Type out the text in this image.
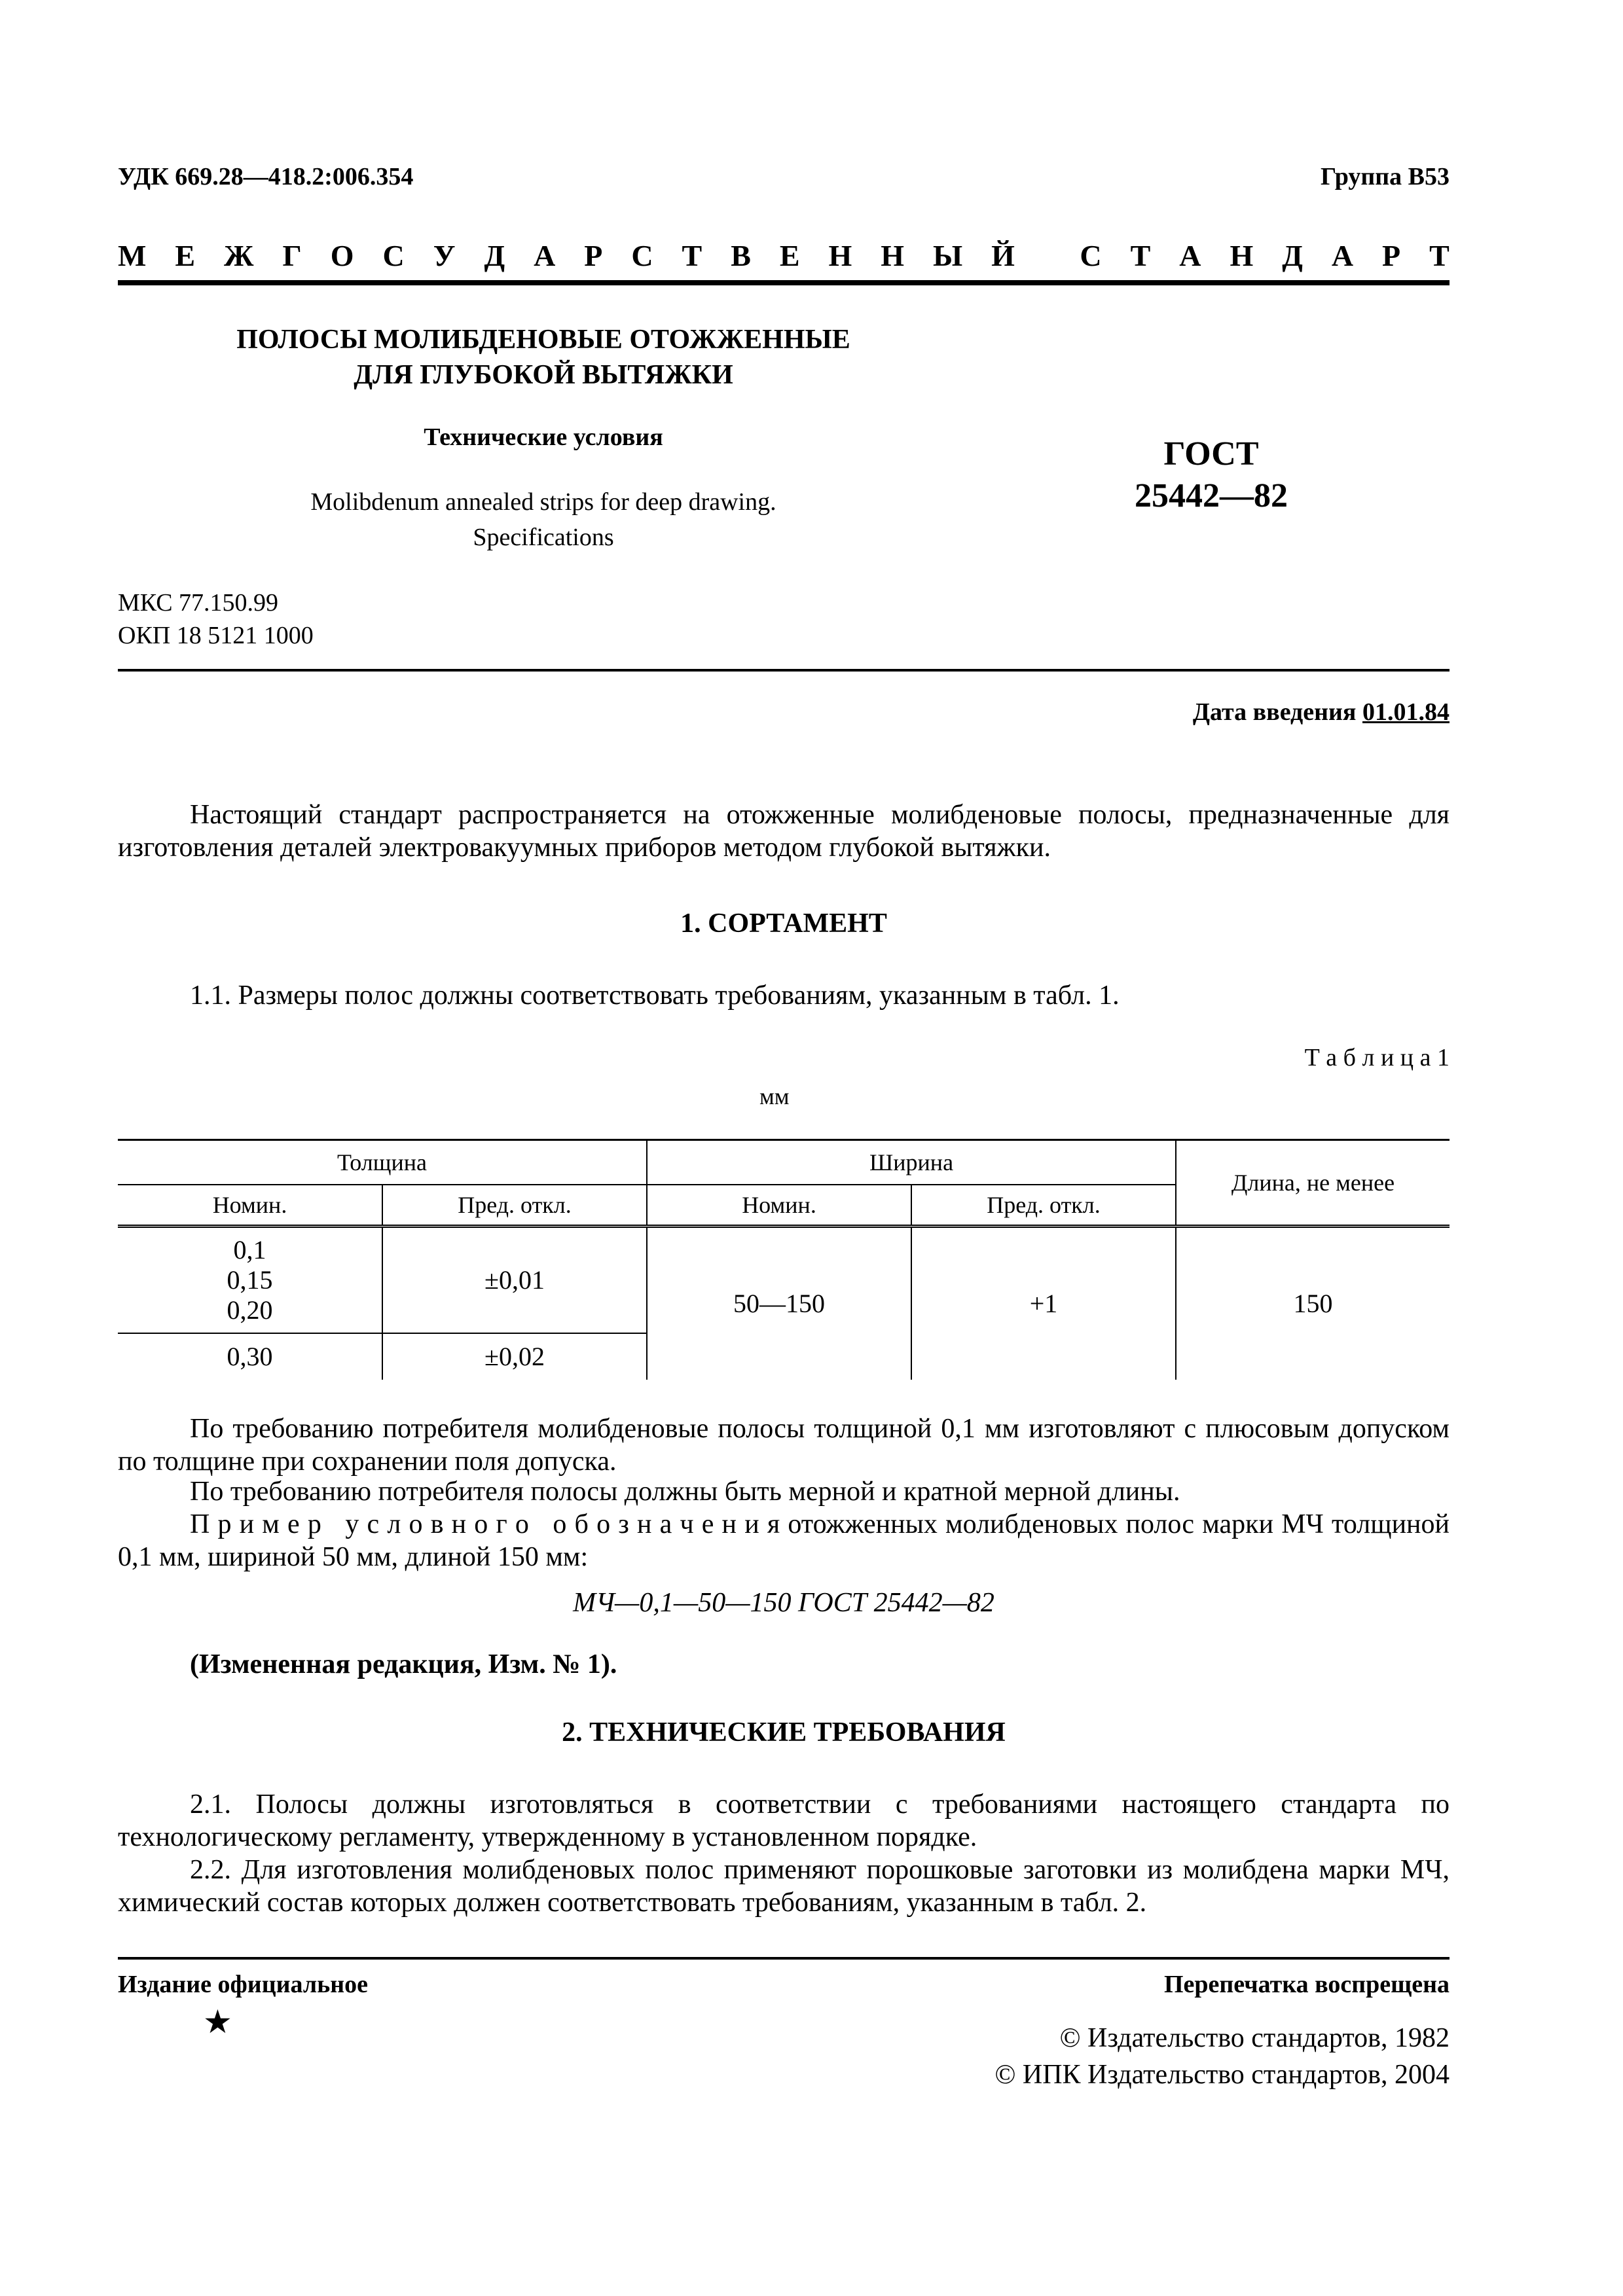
УДК 669.28—418.2:006.354	Группа В53
М Е Ж Г О С У Д А Р С Т В Е Н Н Ы Й
С Т А Н Д А Р Т
ПОЛОСЫ МОЛИБДЕНОВЫЕ ОТОЖЖЕННЫЕ
ДЛЯ ГЛУБОКОЙ ВЫТЯЖКИ
Технические условия
Molibdenum annealed strips for deep drawing.
Specifications
ГОСТ
25442—82
МКС 77.150.99
ОКП 18 5121 1000
Дата введения 01.01.84
Настоящий стандарт распространяется на отожженные молибденовые полосы, предназначенные для изготовления деталей электровакуумных приборов методом глубокой вытяжки.
1. СОРТАМЕНТ
1.1. Размеры полос должны соответствовать требованиям, указанным в табл. 1.
Т а б л и ц а 1
мм
Толщина		Ширина		Длина, не менее
Номин.	Пред. откл.	Номин.	Пред. откл.	

0,1
0,15
0,20	±0,01	50—150	+1	150
0,30	±0,02			
По требованию потребителя молибденовые полосы толщиной 0,1 мм изготовляют с плюсовым допуском по толщине при сохранении поля допуска.
По требованию потребителя полосы должны быть мерной и кратной мерной длины.
П р и м е р   у с л о в н о г о   о б о з н а ч е н и я отожженных молибденовых полос марки МЧ толщиной 0,1 мм, шириной 50 мм, длиной 150 мм:
МЧ—0,1—50—150 ГОСТ 25442—82
(Измененная редакция, Изм. № 1).
2. ТЕХНИЧЕСКИЕ ТРЕБОВАНИЯ
2.1. Полосы должны изготовляться в соответствии с требованиями настоящего стандарта по технологическому регламенту, утвержденному в установленном порядке.
2.2. Для изготовления молибденовых полос применяют порошковые заготовки из молибдена марки МЧ, химический состав которых должен соответствовать требованиям, указанным в табл. 2.
Издание официальное	Перепечатка воспрещена
★	© Издательство стандартов, 1982
© ИПК Издательство стандартов, 2004
